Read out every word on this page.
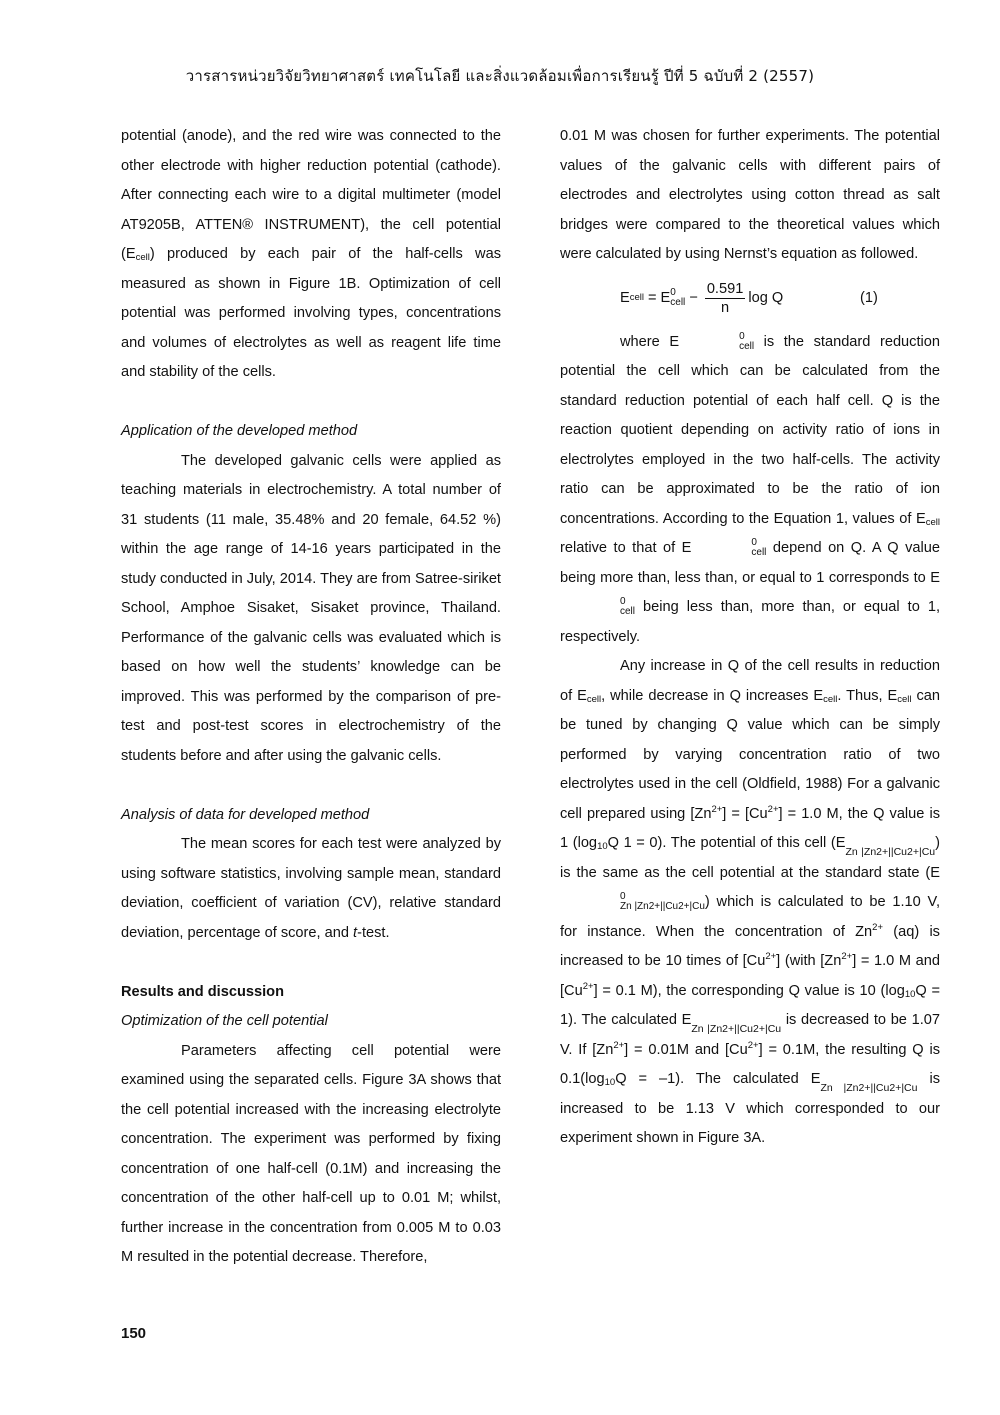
วารสารหน่วยวิจัยวิทยาศาสตร์ เทคโนโลยี และสิ่งแวดล้อมเพื่อการเรียนรู้ ปีที่ 5 ฉบับที่ 2 (2557)

potential (anode), and the red wire was connected to the other electrode with higher reduction potential (cathode). After connecting each wire to a digital multimeter (model AT9205B, ATTEN® INSTRUMENT), the cell potential $(E_{cell})$ produced by each pair of the half-cells was measured as shown in Figure 1B. Optimization of cell potential was performed involving types, concentrations and volumes of electrolytes as well as reagent life time and stability of the cells.

Application of the developed method

The developed galvanic cells were applied as teaching materials in electrochemistry. A total number of 31 students (11 male, 35.48% and 20 female, 64.52 %) within the age range of 14-16 years participated in the study conducted in July, 2014. They are from Satree-siriket School, Amphoe Sisaket, Sisaket province, Thailand. Performance of the galvanic cells was evaluated which is based on how well the students’ knowledge can be improved. This was performed by the comparison of pre-test and post-test scores in electrochemistry of the students before and after using the galvanic cells.

Analysis of data for developed method

The mean scores for each test were analyzed by using software statistics, involving sample mean, standard deviation, coefficient of variation (CV), relative standard deviation, percentage of score, and t-test.

Results and discussion

Optimization of the cell potential

Parameters affecting cell potential were examined using the separated cells. Figure 3A shows that the cell potential increased with the increasing electrolyte concentration. The experiment was performed by fixing concentration of one half-cell (0.1M) and increasing the concentration of the other half-cell up to 0.01 M; whilst, further increase in the concentration from 0.005 M to 0.03 M resulted in the potential decrease. Therefore,

0.01 M was chosen for further experiments. The potential values of the galvanic cells with different pairs of electrodes and electrolytes using cotton thread as salt bridges were compared to the theoretical values which were calculated by using Nernst’s equation as followed.

E cell = E 0
cell − $\frac{0.591}{n}$ log Q	(1)

where E	0
cell is the standard reduction potential the cell which can be calculated from the standard reduction potential of each half cell. Q is the reaction quotient depending on activity ratio of ions in electrolytes employed in the two half-cells. The activity ratio can be approximated to be the ratio of ion concentrations. According to the Equation 1, values of $E_{cell}$ relative to that of E	0
cell depend on Q. A Q value being more than, less than, or equal to 1 corresponds to E
0
cell being less than, more than, or equal to 1, respectively.

Any increase in Q of the cell results in reduction of $E_{cell}$, while decrease in Q increases $E_{cell}$. Thus, $E_{cell}$ can be tuned by changing Q value which can be simply performed by varying concentration ratio of two electrolytes used in the cell (Oldfield, 1988) For a galvanic cell prepared using $[Zn^{2+}] = [Cu^{2+}] = 1.0$ M, the Q value is 1 ($\log_{10}Q$ 1 = 0). The potential of this cell $(E_{Zn |Zn2+||Cu2+|Cu})$ is the same as the cell potential at the standard state (E
0
Zn |Zn2+||Cu2+|Cu ) which is calculated to be 1.10 V, for instance. When the concentration of $Zn^{2+}$ (aq) is increased to be 10 times of $[Cu^{2+}]$ (with $[Zn^{2+}] = 1.0$ M and $[Cu^{2+}] = 0.1$ M), the corresponding Q value is 10 $(\log_{10}Q = 1)$. The calculated $E_{Zn |Zn2+||Cu2+|Cu}$ is decreased to be 1.07 V. If $[Zn^{2+}] = 0.01M$ and $[Cu^{2+}] = 0.1M$, the resulting Q is $0.1(\log_{10}Q = -1)$. The calculated $E_{Zn |Zn2+||Cu2+|Cu}$ is increased to be 1.13 V which corresponded to our experiment shown in Figure 3A.

150
